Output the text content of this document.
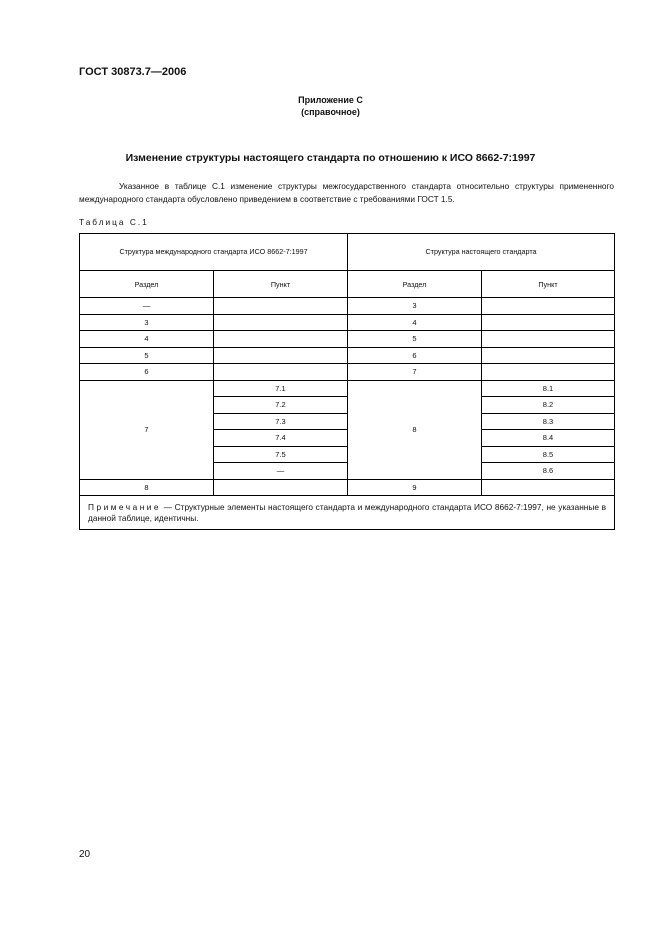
ГОСТ 30873.7—2006
Приложение С
(справочное)
Изменение структуры настоящего стандарта по отношению к ИСО 8662-7:1997

Указанное в таблице С.1 изменение структуры межгосударственного стандарта относительно структуры примененного международного стандарта обусловлено приведением в соответствие с требованиями ГОСТ 1.5.

Таблица С.1
Структура международного стандарта ИСО 8662-7:1997		Структура настоящего стандарта	
Раздел	Пункт	Раздел	Пункт
—		3	
3		4	
4		5	
5		6	
6		7	
7	7.1	8	8.1
	7.2		8.2
	7.3		8.3
	7.4		8.4
	7.5		8.5
	—		8.6
8		9	
Примечание — Структурные элементы настоящего стандарта и международного стандарта ИСО 8662-7:1997, не указанные в данной таблице, идентичны.			
20
